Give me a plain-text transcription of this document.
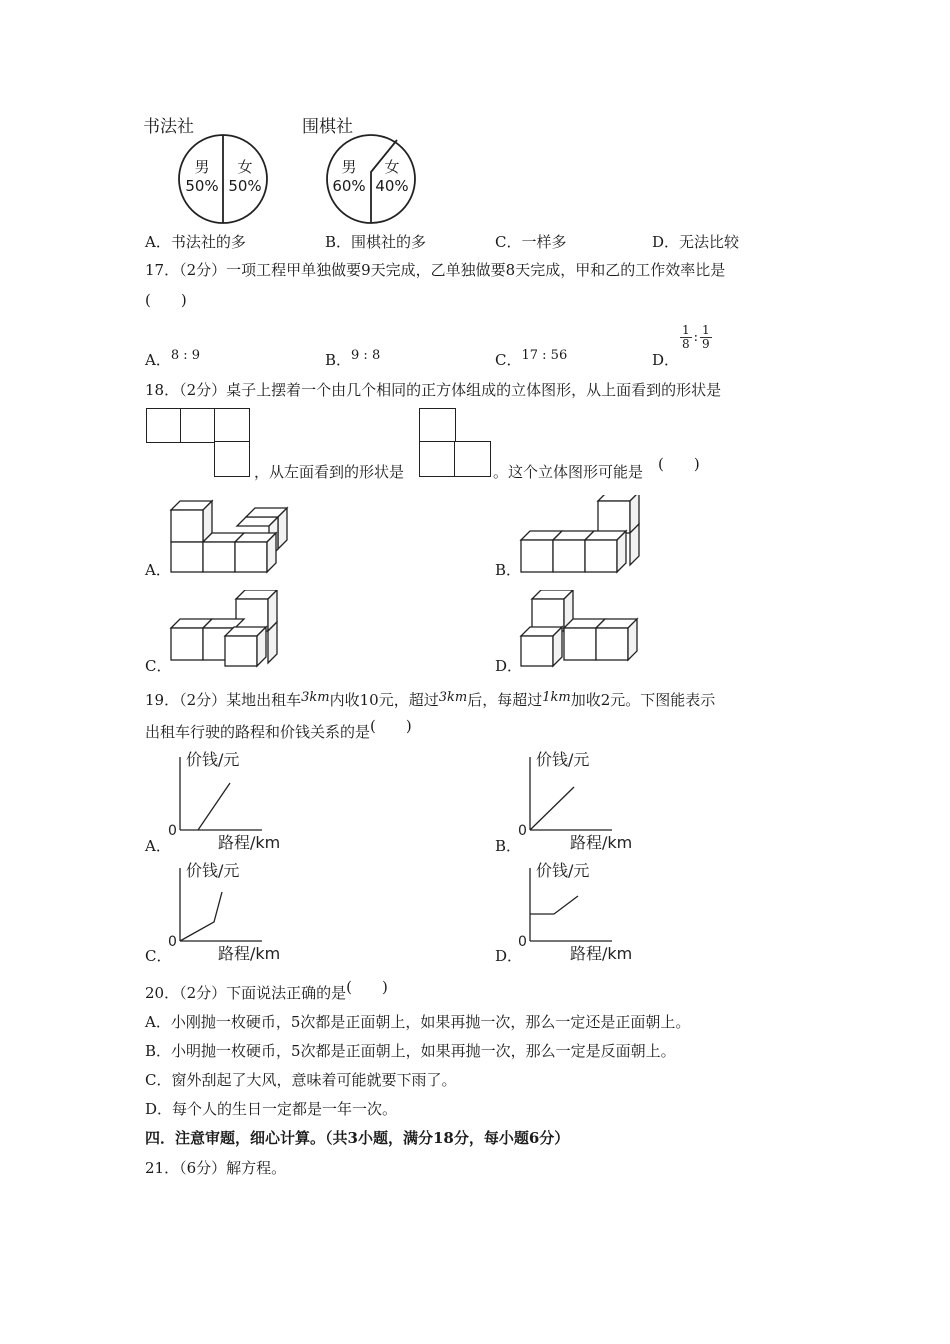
书法社	围棋社
男
50%
女
50%
男
60%
女
40%
A．书法社的多	B．围棋社的多	C．一样多	D．无法比较
17．（2分）一项工程甲单独做要9天完成，乙单独做要8天完成，甲和乙的工作效率比是
(　　)
A．8 : 9	B．9 : 8	C．17 : 56	D．
$\frac{1}{8}$ : $\frac{1}{9}$
18．（2分）桌子上摆着一个由几个相同的正方体组成的立体图形，从上面看到的形状是
，从左面看到的形状是	。这个立体图形可能是 (　　)
A．	B．
C．	D．
19．（2分）某地出租车3km内收10元，超过3km后，每超过1km加收2元。下图能表示
出租车行驶的路程和价钱关系的是(　　)
价钱/元
0
路程/km
A．
价钱/元
0
路程/km
B．
价钱/元
0
路程/km
C．
价钱/元
0
路程/km
D．
20．（2分）下面说法正确的是(　　)
A．小刚抛一枚硬币，5次都是正面朝上，如果再抛一次，那么一定还是正面朝上。
B．小明抛一枚硬币，5次都是正面朝上，如果再抛一次，那么一定是反面朝上。
C．窗外刮起了大风，意味着可能就要下雨了。
D．每个人的生日一定都是一年一次。
四．注意审题，细心计算。（共3小题，满分18分，每小题6分）
21．（6分）解方程。
